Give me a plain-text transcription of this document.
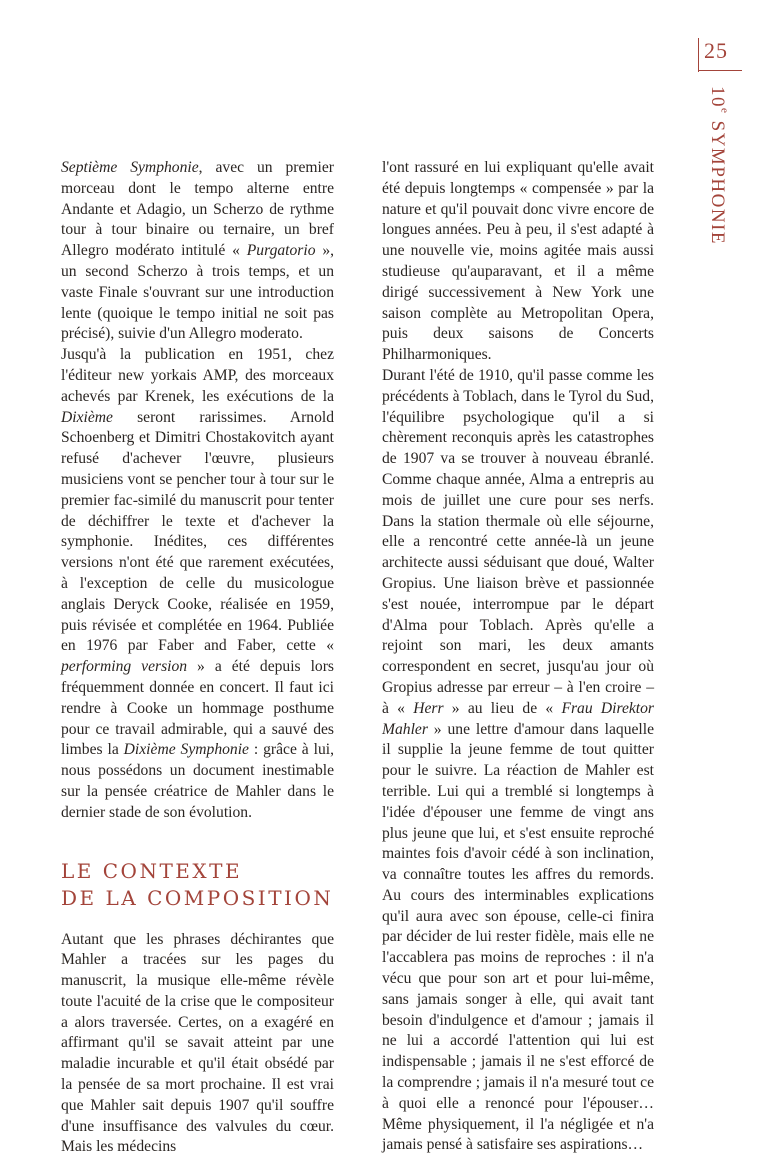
25
10e SYMPHONIE

Septième Symphonie, avec un premier morceau dont le tempo alterne entre Andante et Adagio, un Scherzo de rythme tour à tour binaire ou ternaire, un bref Allegro modérato intitulé « Purgatorio », un second Scherzo à trois temps, et un vaste Finale s'ouvrant sur une introduction lente (quoique le tempo initial ne soit pas précisé), suivie d'un Allegro moderato.

Jusqu'à la publication en 1951, chez l'éditeur new yorkais AMP, des morceaux achevés par Krenek, les exécutions de la Dixième seront rarissimes. Arnold Schoenberg et Dimitri Chostakovitch ayant refusé d'achever l'œuvre, plusieurs musiciens vont se pencher tour à tour sur le premier fac-similé du manuscrit pour tenter de déchiffrer le texte et d'achever la symphonie. Inédites, ces différentes versions n'ont été que rarement exécutées, à l'exception de celle du musicologue anglais Deryck Cooke, réalisée en 1959, puis révisée et complétée en 1964. Publiée en 1976 par Faber and Faber, cette « performing version » a été depuis lors fréquemment donnée en concert. Il faut ici rendre à Cooke un hommage posthume pour ce travail admirable, qui a sauvé des limbes la Dixième Symphonie : grâce à lui, nous possédons un document inestimable sur la pensée créatrice de Mahler dans le dernier stade de son évolution.

LE CONTEXTE
DE LA COMPOSITION

Autant que les phrases déchirantes que Mahler a tracées sur les pages du manuscrit, la musique elle-même révèle toute l'acuité de la crise que le compositeur a alors traversée. Certes, on a exagéré en affirmant qu'il se savait atteint par une maladie incurable et qu'il était obsédé par la pensée de sa mort prochaine. Il est vrai que Mahler sait depuis 1907 qu'il souffre d'une insuffisance des valvules du cœur. Mais les médecins

l'ont rassuré en lui expliquant qu'elle avait été depuis longtemps « compensée » par la nature et qu'il pouvait donc vivre encore de longues années. Peu à peu, il s'est adapté à une nouvelle vie, moins agitée mais aussi studieuse qu'auparavant, et il a même dirigé successivement à New York une saison complète au Metropolitan Opera, puis deux saisons de Concerts Philharmoniques.

Durant l'été de 1910, qu'il passe comme les précédents à Toblach, dans le Tyrol du Sud, l'équilibre psychologique qu'il a si chèrement reconquis après les catastrophes de 1907 va se trouver à nouveau ébranlé. Comme chaque année, Alma a entrepris au mois de juillet une cure pour ses nerfs. Dans la station thermale où elle séjourne, elle a rencontré cette année-là un jeune architecte aussi séduisant que doué, Walter Gropius. Une liaison brève et passionnée s'est nouée, interrompue par le départ d'Alma pour Toblach. Après qu'elle a rejoint son mari, les deux amants correspondent en secret, jusqu'au jour où Gropius adresse par erreur – à l'en croire – à « Herr » au lieu de « Frau Direktor Mahler » une lettre d'amour dans laquelle il supplie la jeune femme de tout quitter pour le suivre. La réaction de Mahler est terrible. Lui qui a tremblé si longtemps à l'idée d'épouser une femme de vingt ans plus jeune que lui, et s'est ensuite reproché maintes fois d'avoir cédé à son inclination, va connaître toutes les affres du remords. Au cours des interminables explications qu'il aura avec son épouse, celle-ci finira par décider de lui rester fidèle, mais elle ne l'accablera pas moins de reproches : il n'a vécu que pour son art et pour lui-même, sans jamais songer à elle, qui avait tant besoin d'indulgence et d'amour ; jamais il ne lui a accordé l'attention qui lui est indispensable ; jamais il ne s'est efforcé de la comprendre ; jamais il n'a mesuré tout ce à quoi elle a renoncé pour l'épouser… Même physiquement, il l'a négligée et n'a jamais pensé à satisfaire ses aspirations…
